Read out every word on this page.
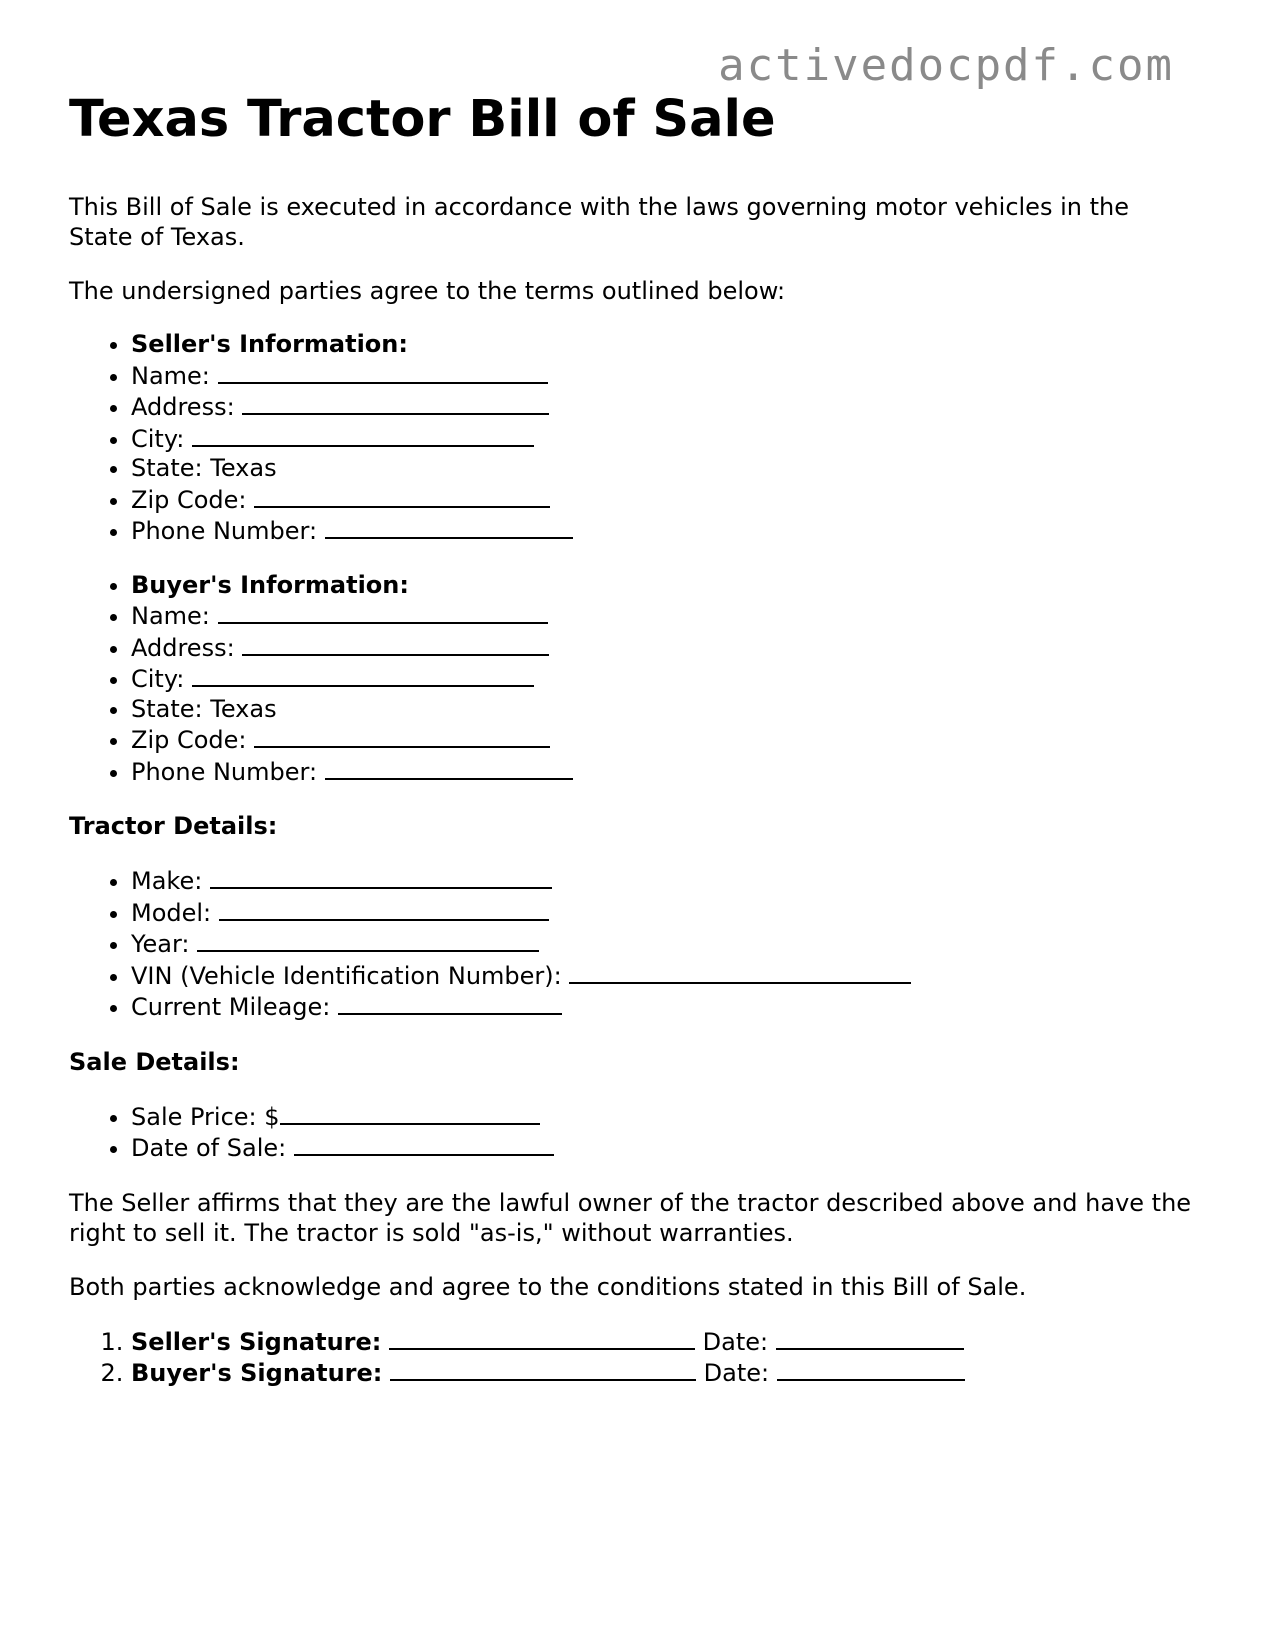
activedocpdf.com
Texas Tractor Bill of Sale

This Bill of Sale is executed in accordance with the laws governing motor vehicles in the State of Texas.

The undersigned parties agree to the terms outlined below:

• Seller's Information:
• Name:
• Address:
• City:
• State: Texas
• Zip Code:
• Phone Number:
• Buyer's Information:
• Name:
• Address:
• City:
• State: Texas
• Zip Code:
• Phone Number:
Tractor Details:
• Make:
• Model:
• Year:
• VIN (Vehicle Identification Number):
• Current Mileage:
Sale Details:
• Sale Price: $
• Date of Sale:

The Seller affirms that they are the lawful owner of the tractor described above and have the right to sell it. The tractor is sold "as-is," without warranties.

Both parties acknowledge and agree to the conditions stated in this Bill of Sale.

1. Seller's Signature:	Date:
2. Buyer's Signature:	Date:
